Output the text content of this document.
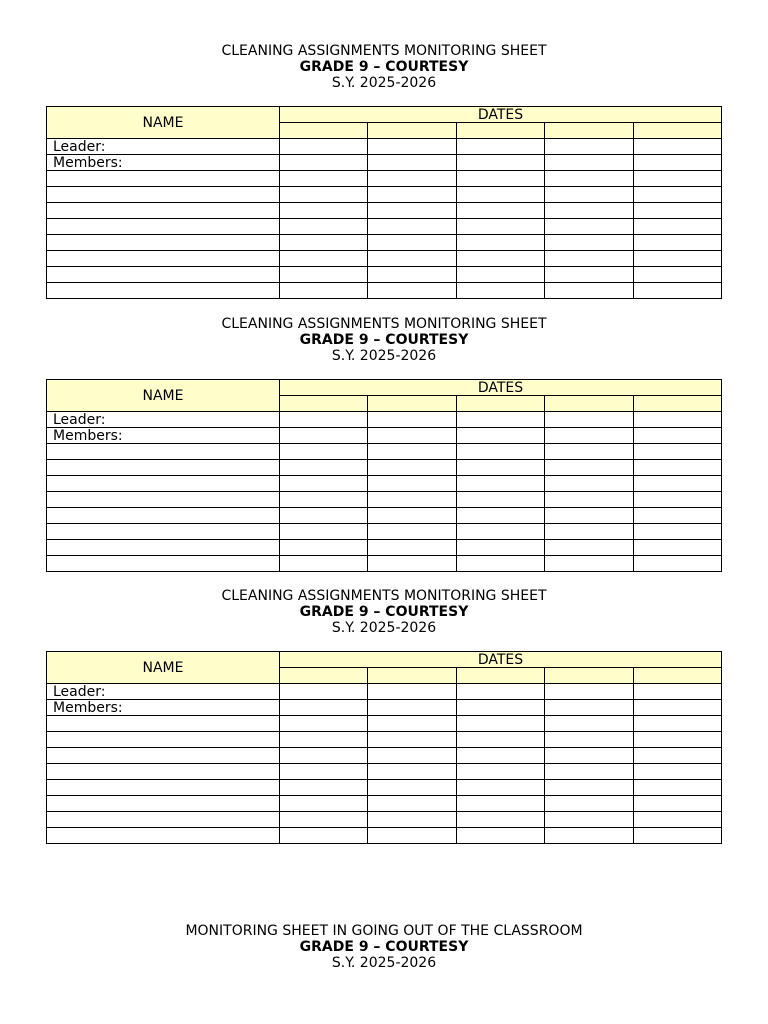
CLEANING ASSIGNMENTS MONITORING SHEET
GRADE 9 – COURTESY
S.Y. 2025-2026
NAME	DATES				

Leader:					
Members:					

CLEANING ASSIGNMENTS MONITORING SHEET
GRADE 9 – COURTESY
S.Y. 2025-2026
NAME	DATES				

Leader:					
Members:					

CLEANING ASSIGNMENTS MONITORING SHEET
GRADE 9 – COURTESY
S.Y. 2025-2026
NAME	DATES				

Leader:					
Members:					

MONITORING SHEET IN GOING OUT OF THE CLASSROOM
GRADE 9 – COURTESY
S.Y. 2025-2026
